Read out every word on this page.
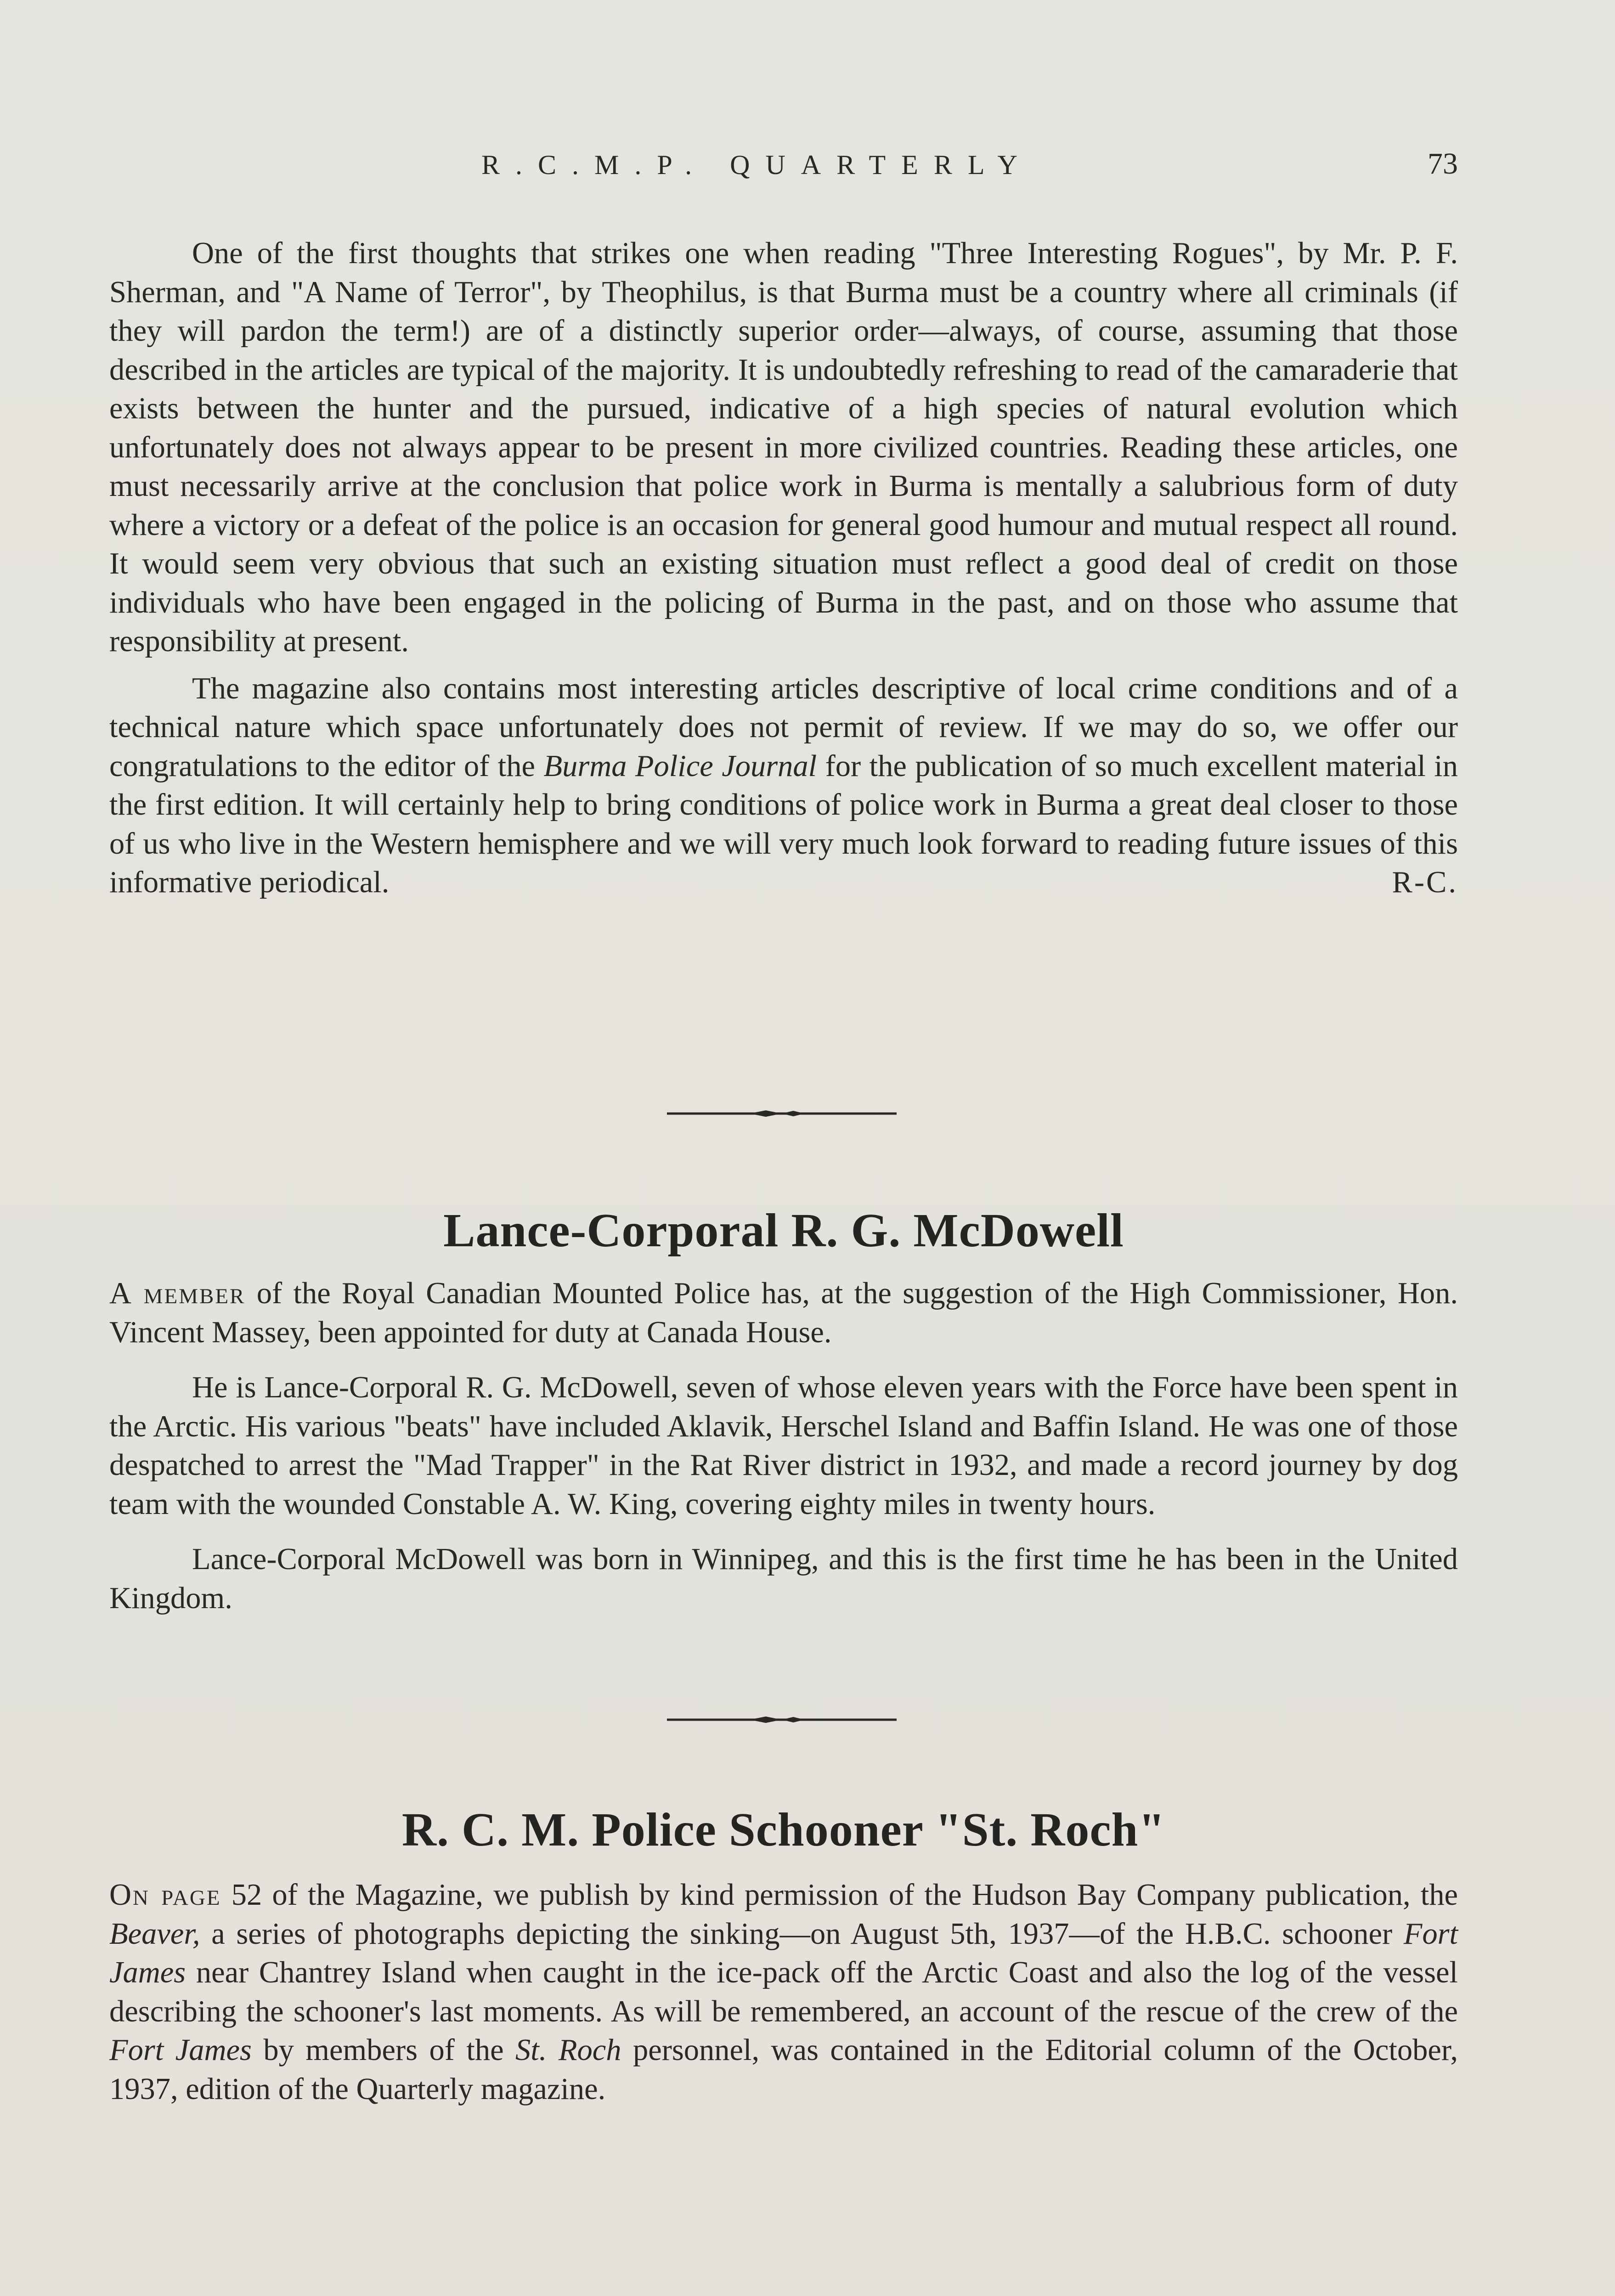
R.C.M.P. QUARTERLY	73

One of the first thoughts that strikes one when reading "Three Interesting Rogues", by Mr. P. F. Sherman, and "A Name of Terror", by Theophilus, is that Burma must be a country where all criminals (if they will pardon the term!) are of a distinctly superior order—always, of course, assuming that those described in the articles are typical of the majority. It is undoubtedly refreshing to read of the camaraderie that exists between the hunter and the pursued, indicative of a high species of natural evolution which unfortunately does not always appear to be present in more civilized countries. Reading these articles, one must necessarily arrive at the conclusion that police work in Burma is mentally a salubrious form of duty where a victory or a defeat of the police is an occasion for general good humour and mutual respect all round. It would seem very obvious that such an existing situation must reflect a good deal of credit on those individuals who have been engaged in the policing of Burma in the past, and on those who assume that responsibility at present.

The magazine also contains most interesting articles descriptive of local crime conditions and of a technical nature which space unfortunately does not permit of review. If we may do so, we offer our congratulations to the editor of the Burma Police Journal for the publication of so much excellent material in the first edition. It will certainly help to bring conditions of police work in Burma a great deal closer to those of us who live in the Western hemisphere and we will very much look forward to reading future issues of this informative periodical.	R-C.

Lance-Corporal R. G. McDowell

A member of the Royal Canadian Mounted Police has, at the suggestion of the High Commissioner, Hon. Vincent Massey, been appointed for duty at Canada House.

He is Lance-Corporal R. G. McDowell, seven of whose eleven years with the Force have been spent in the Arctic. His various "beats" have included Aklavik, Herschel Island and Baffin Island. He was one of those despatched to arrest the "Mad Trapper" in the Rat River district in 1932, and made a record journey by dog team with the wounded Constable A. W. King, covering eighty miles in twenty hours.

Lance-Corporal McDowell was born in Winnipeg, and this is the first time he has been in the United Kingdom.

R. C. M. Police Schooner "St. Roch"

On page 52 of the Magazine, we publish by kind permission of the Hudson Bay Company publication, the Beaver, a series of photographs depicting the sinking—on August 5th, 1937—of the H.B.C. schooner Fort James near Chantrey Island when caught in the ice-pack off the Arctic Coast and also the log of the vessel describing the schooner's last moments. As will be remembered, an account of the rescue of the crew of the Fort James by members of the St. Roch personnel, was contained in the Editorial column of the October, 1937, edition of the Quarterly magazine.
